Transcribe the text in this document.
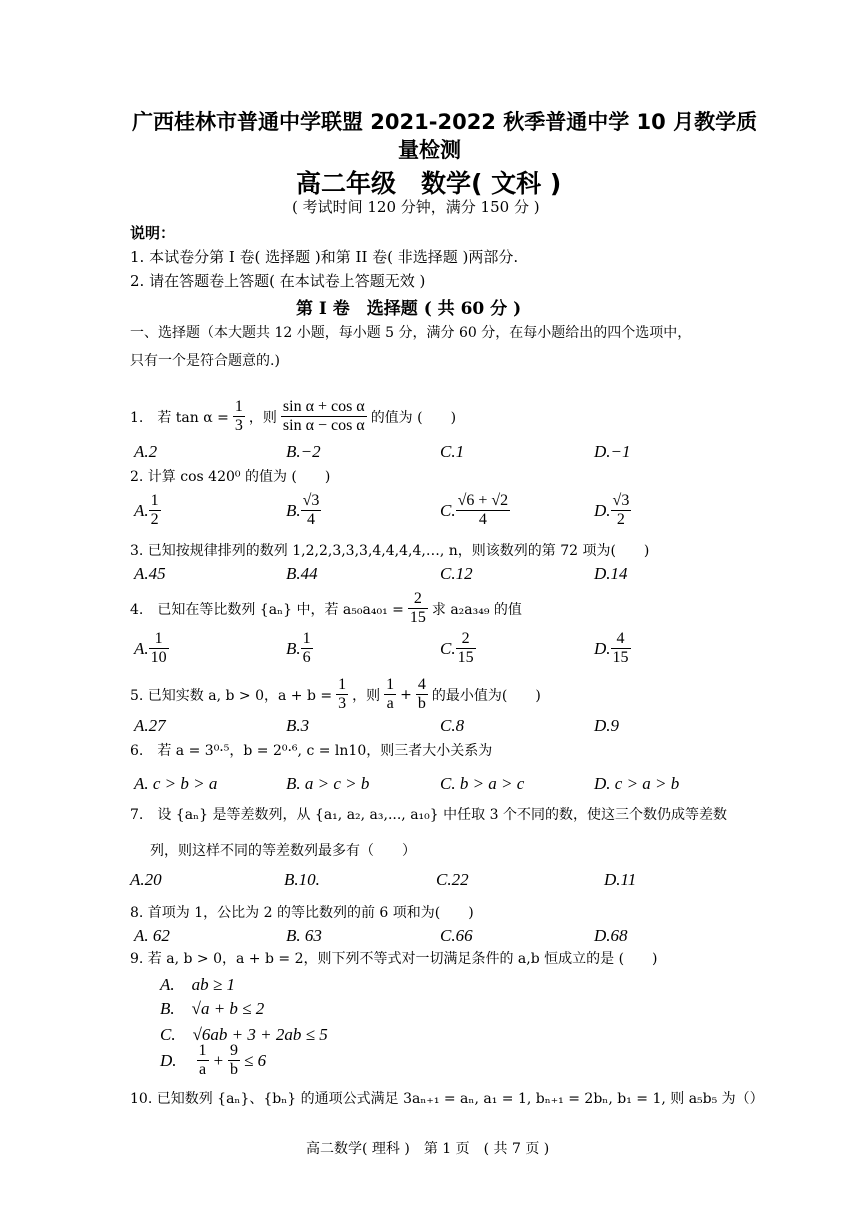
广西桂林市普通中学联盟 2021-2022 秋季普通中学 10 月教学质
量检测
高二年级　数学( 文科 )
( 考试时间 120 分钟，满分 150 分 )
说明：
1. 本试卷分第 I 卷( 选择题 )和第 II 卷( 非选择题 )两部分.
2. 请在答题卷上答题( 在本试卷上答题无效 )
第 I 卷　选择题 ( 共 60 分 )
一、选择题（本大题共 12 小题，每小题 5 分，满分 60 分，在每小题给出的四个选项中，
只有一个是符合题意的.)
1.　若 $\tan \alpha = \frac{1}{3}$ ，则 $\frac{\text{sin α + cos α}}{\text{sin α − cos α}}$ 的值为 (　　)
A.2	B.−2	C.1	D.−1
2. 计算 cos 420⁰ 的值为 (　　)
A. $\frac{1}{2}$	B. $\frac{√3}{4}$	C. $\frac{√6 + √2}{4}$	D. $\frac{√3}{2}$
3. 已知按规律排列的数列 1,2,2,3,3,3,4,4,4,4,…, n，则该数列的第 72 项为(　　)
A.45	B.44	C.12	D.14
4.　已知在等比数列 {aₙ} 中，若 $a_{50}a_{401} = \frac{2}{15}$ 求 a₂a₃₄₉ 的值
A. $\frac{1}{10}$	B. $\frac{1}{6}$	C. $\frac{2}{15}$	D. $\frac{4}{15}$
5. 已知实数 a, b > 0，$a + b = \frac{1}{3}$ ，则 $\frac{1}{a} + \frac{4}{b}$ 的最小值为(　　)
A.27	B.3	C.8	D.9
6.　若 a = 3⁰·⁵，b = 2⁰·⁶, c = ln10，则三者大小关系为
A. c > b > a	B. a > c > b	C. b > a > c	D. c > a > b
7.　设 {aₙ} 是等差数列，从 {a₁, a₂, a₃,..., a₁₀} 中任取 3 个不同的数，使这三个数仍成等差数
列，则这样不同的等差数列最多有（　　）
A.20	B.10.	C.22	D.11
8. 首项为 1，公比为 2 的等比数列的前 6 项和为(　　)
A. 62	B. 63	C.66	D.68
9. 若 a, b > 0，a + b = 2，则下列不等式对一切满足条件的 a,b 恒成立的是 (　　)
A.　ab ≥ 1
B.　√a + b ≤ 2
C.　√6ab + 3 + 2ab ≤ 5
D. $\frac{1}{a} + \frac{9}{b} \le 6$
10. 已知数列 {aₙ}、{bₙ} 的通项公式满足 3aₙ₊₁ = aₙ, a₁ = 1, bₙ₊₁ = 2bₙ, b₁ = 1, 则 a₅b₅ 为（）
高二数学( 理科 )　第 1 页　( 共 7 页 )
